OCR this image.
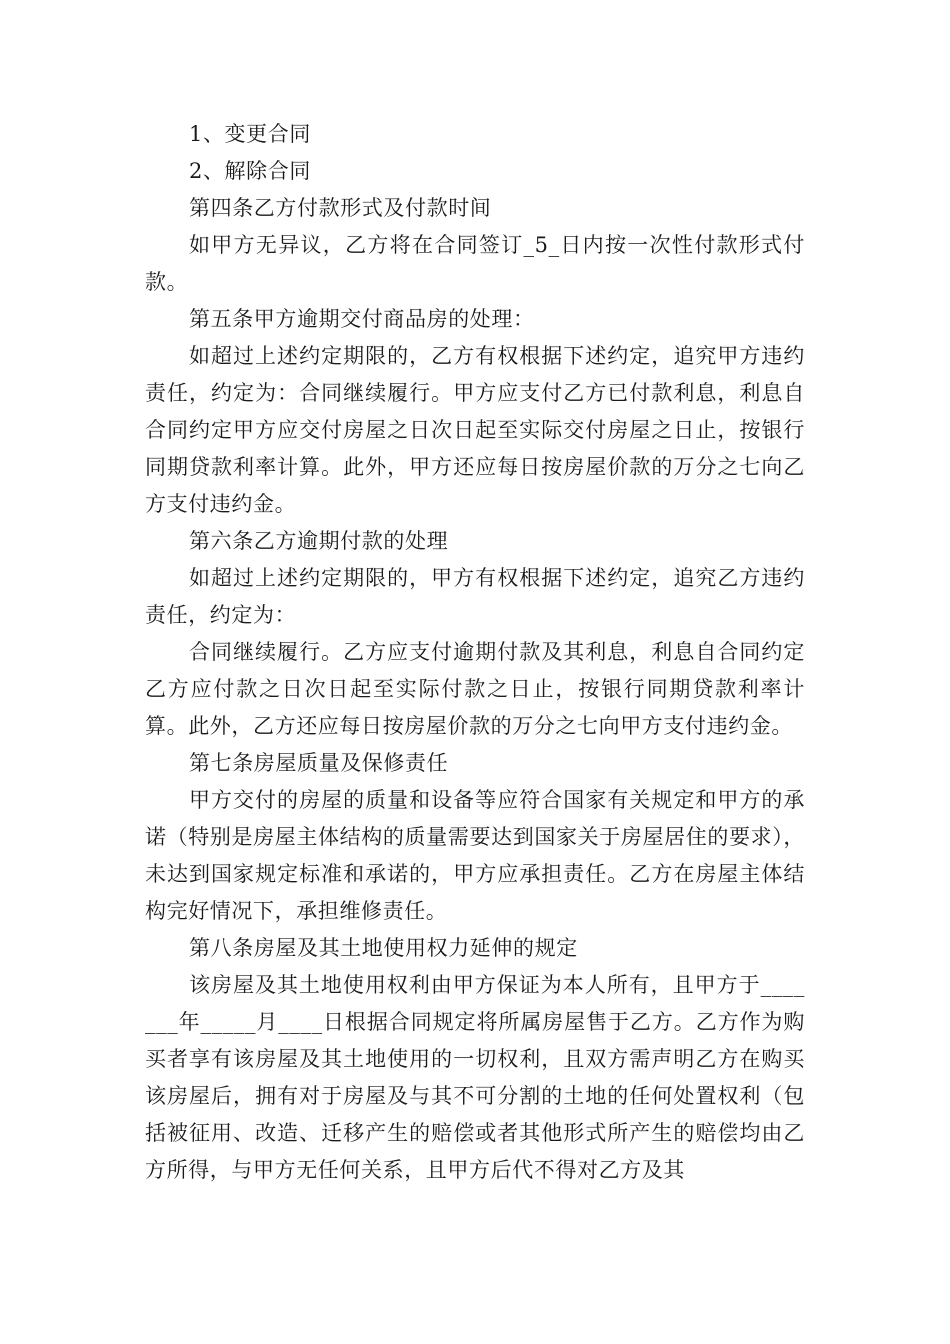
1、变更合同

2、解除合同

第四条乙方付款形式及付款时间

如甲方无异议，乙方将在合同签订_5_日内按一次性付款形式付款。

第五条甲方逾期交付商品房的处理：

如超过上述约定期限的，乙方有权根据下述约定，追究甲方违约责任，约定为：合同继续履行。甲方应支付乙方已付款利息，利息自合同约定甲方应交付房屋之日次日起至实际交付房屋之日止，按银行同期贷款利率计算。此外，甲方还应每日按房屋价款的万分之七向乙方支付违约金。

第六条乙方逾期付款的处理

如超过上述约定期限的，甲方有权根据下述约定，追究乙方违约责任，约定为：

合同继续履行。乙方应支付逾期付款及其利息，利息自合同约定乙方应付款之日次日起至实际付款之日止，按银行同期贷款利率计算。此外，乙方还应每日按房屋价款的万分之七向甲方支付违约金。

第七条房屋质量及保修责任

甲方交付的房屋的质量和设备等应符合国家有关规定和甲方的承诺（特别是房屋主体结构的质量需要达到国家关于房屋居住的要求），未达到国家规定标准和承诺的，甲方应承担责任。乙方在房屋主体结构完好情况下，承担维修责任。

第八条房屋及其土地使用权力延伸的规定

该房屋及其土地使用权利由甲方保证为本人所有，且甲方于_______年_____月____日根据合同规定将所属房屋售于乙方。乙方作为购买者享有该房屋及其土地使用的一切权利，且双方需声明乙方在购买该房屋后，拥有对于房屋及与其不可分割的土地的任何处置权利（包括被征用、改造、迁移产生的赔偿或者其他形式所产生的赔偿均由乙方所得，与甲方无任何关系，且甲方后代不得对乙方及其
